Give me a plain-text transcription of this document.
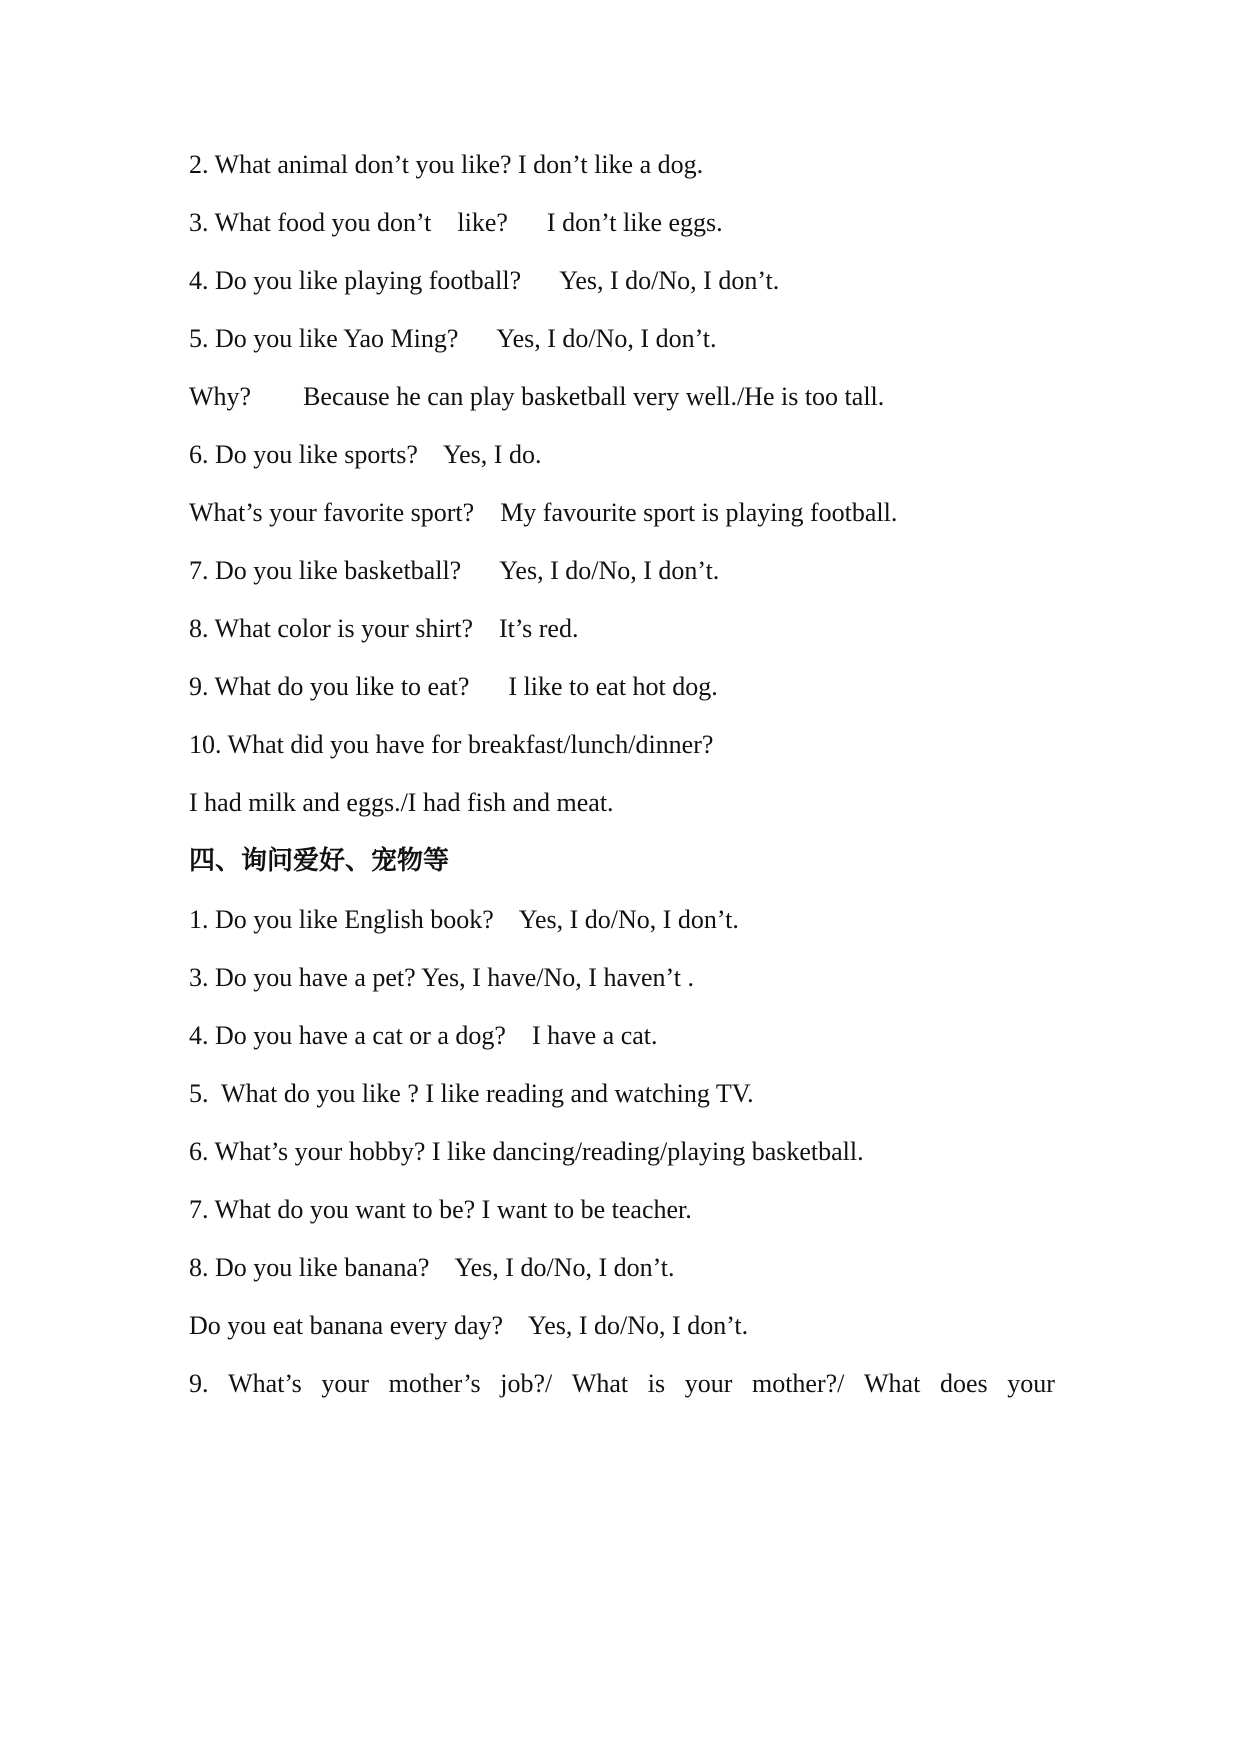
2. What animal don’t you like? I don’t like a dog.
3. What food you don’t    like?      I don’t like eggs.
4. Do you like playing football?      Yes, I do/No, I don’t.
5. Do you like Yao Ming?      Yes, I do/No, I don’t.
Why?        Because he can play basketball very well./He is too tall.
6. Do you like sports?    Yes, I do.
What’s your favorite sport?    My favourite sport is playing football.
7. Do you like basketball?      Yes, I do/No, I don’t.
8. What color is your shirt?    It’s red.
9. What do you like to eat?      I like to eat hot dog.
10. What did you have for breakfast/lunch/dinner?
I had milk and eggs./I had fish and meat.
四、询问爱好、宠物等
1. Do you like English book?    Yes, I do/No, I don’t.
3. Do you have a pet? Yes, I have/No, I haven’t .
4. Do you have a cat or a dog?    I have a cat.
5.  What do you like ? I like reading and watching TV.
6. What’s your hobby? I like dancing/reading/playing basketball.
7. What do you want to be? I want to be teacher.
8. Do you like banana?    Yes, I do/No, I don’t.
Do you eat banana every day?    Yes, I do/No, I don’t.
9. What’s your mother’s job?/ What is your mother?/ What does your
